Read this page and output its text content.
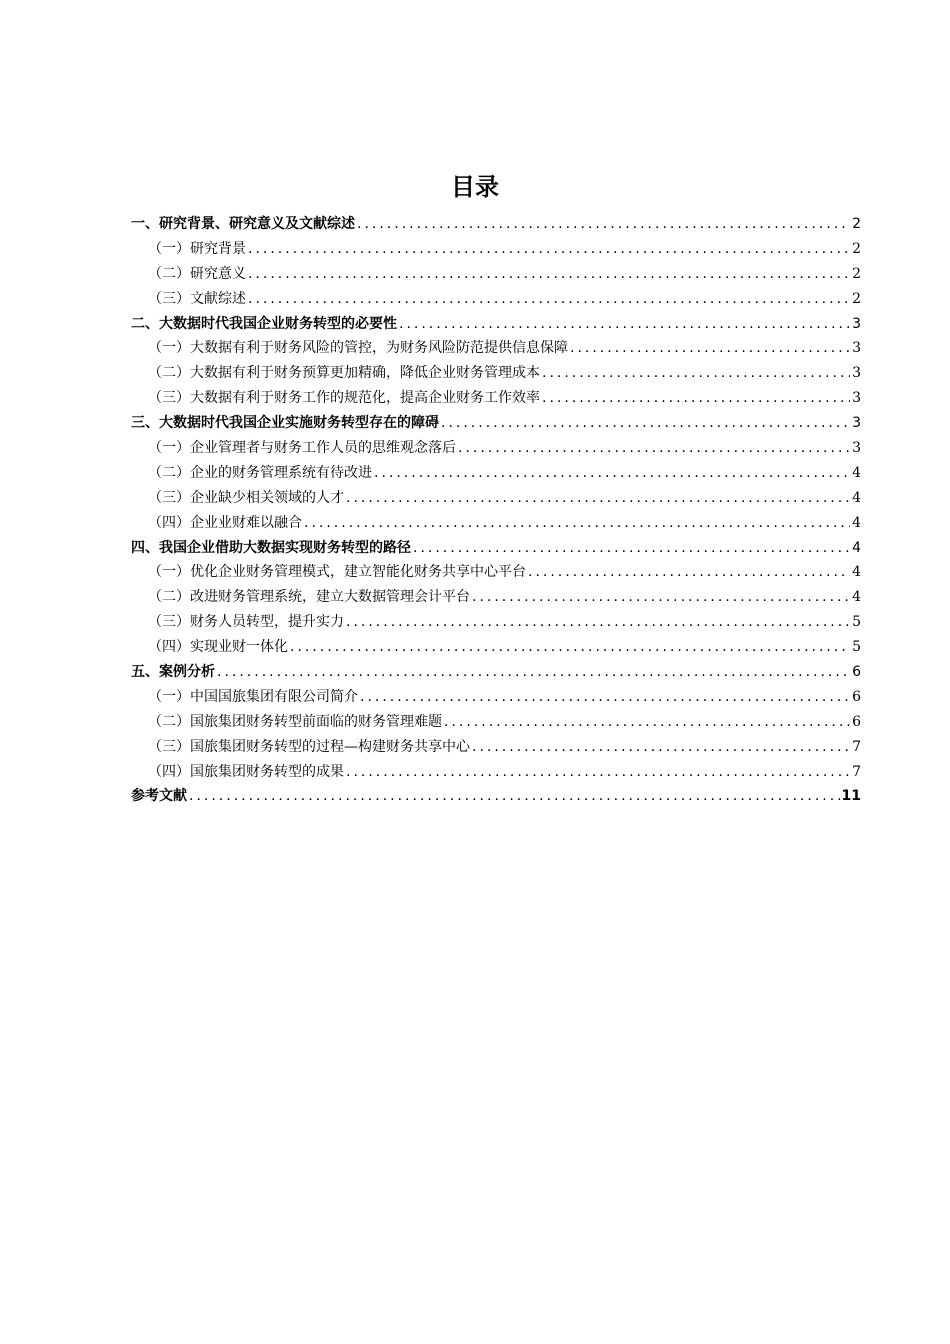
目录
一、 研究背景、研究意义及文献综述 .....	2
（一） 研究背景 .....	2
（二） 研究意义 .....	2
（三） 文献综述 .....	2
二、 大数据时代我国企业财务转型的必要性 .....	3
（一） 大数据有利于财务风险的管控，为财务风险防范提供信息保障 .....	3
（二） 大数据有利于财务预算更加精确，降低企业财务管理成本 .....	3
（三） 大数据有利于财务工作的规范化，提高企业财务工作效率 .....	3
三、 大数据时代我国企业实施财务转型存在的障碍 .....	3
（一） 企业管理者与财务工作人员的思维观念落后 .....	3
（二） 企业的财务管理系统有待改进 .....	4
（三） 企业缺少相关领域的人才 .....	4
（四） 企业业财难以融合 .....	4
四、 我国企业借助大数据实现财务转型的路径 .....	4
（一） 优化企业财务管理模式，建立智能化财务共享中心平台 .....	4
（二） 改进财务管理系统，建立大数据管理会计平台 .....	4
（三） 财务人员转型，提升实力 .....	5
（四） 实现业财一体化 .....	5
五、 案例分析 .....	6
（一） 中国国旅集团有限公司简介 .....	6
（二） 国旅集团财务转型前面临的财务管理难题 .....	6
（三） 国旅集团财务转型的过程—构建财务共享中心 .....	7
（四） 国旅集团财务转型的成果 .....	7
参考文献 .....	11
